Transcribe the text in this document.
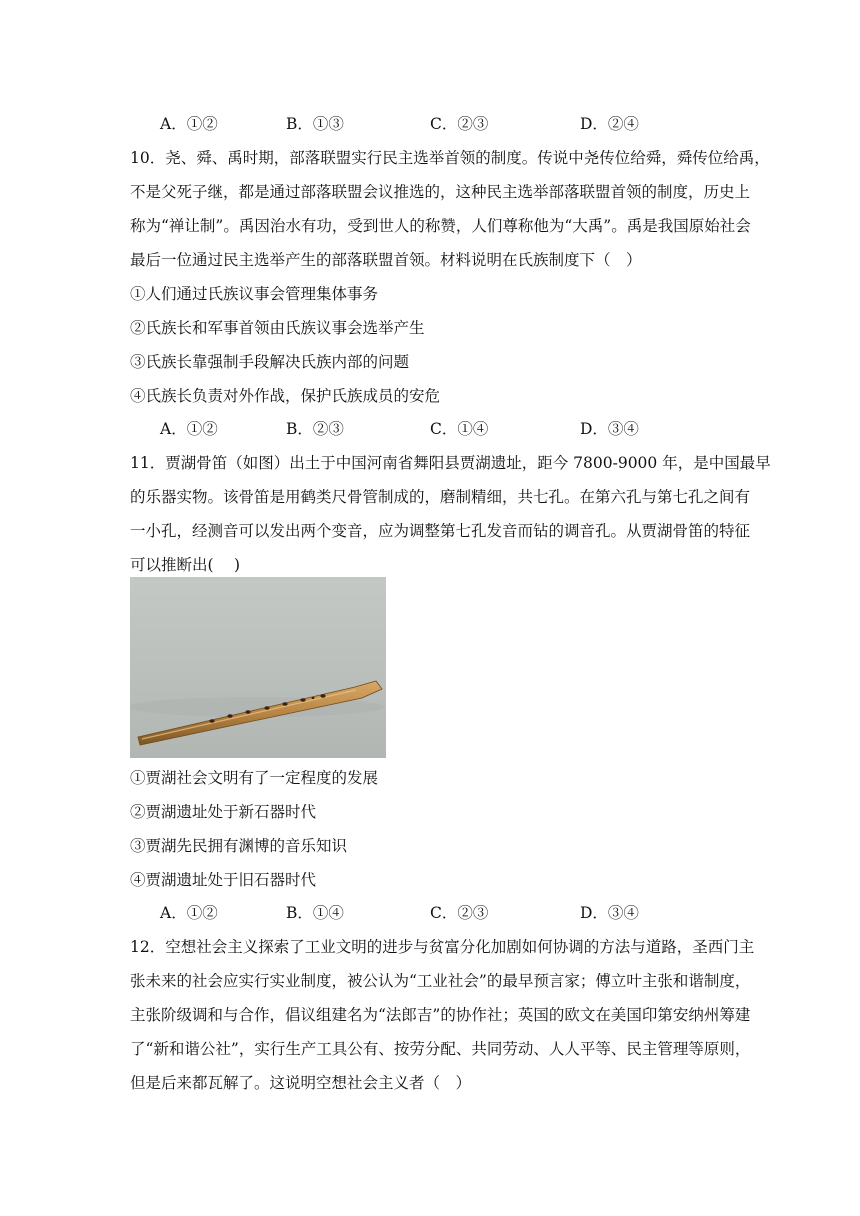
A．①②	B．①③	C．②③	D．②④
10．尧、舜、禹时期，部落联盟实行民主选举首领的制度。传说中尧传位给舜，舜传位给禹，
不是父死子继，都是通过部落联盟会议推选的，这种民主选举部落联盟首领的制度，历史上
称为“禅让制”。禹因治水有功，受到世人的称赞，人们尊称他为“大禹”。禹是我国原始社会
最后一位通过民主选举产生的部落联盟首领。材料说明在氏族制度下（　）
①人们通过氏族议事会管理集体事务
②氏族长和军事首领由氏族议事会选举产生
③氏族长靠强制手段解决氏族内部的问题
④氏族长负责对外作战，保护氏族成员的安危
A．①②	B．②③	C．①④	D．③④
11．贾湖骨笛（如图）出土于中国河南省舞阳县贾湖遗址，距今 7800-9000 年，是中国最早
的乐器实物。该骨笛是用鹤类尺骨管制成的，磨制精细，共七孔。在第六孔与第七孔之间有
一小孔，经测音可以发出两个变音，应为调整第七孔发音而钻的调音孔。从贾湖骨笛的特征
可以推断出(　 )
①贾湖社会文明有了一定程度的发展
②贾湖遗址处于新石器时代
③贾湖先民拥有渊博的音乐知识
④贾湖遗址处于旧石器时代
A．①②	B．①④	C．②③	D．③④
12．空想社会主义探索了工业文明的进步与贫富分化加剧如何协调的方法与道路，圣西门主
张未来的社会应实行实业制度，被公认为“工业社会”的最早预言家；傅立叶主张和谐制度，
主张阶级调和与合作，倡议组建名为“法郎吉”的协作社；英国的欧文在美国印第安纳州筹建
了“新和谐公社”，实行生产工具公有、按劳分配、共同劳动、人人平等、民主管理等原则，
但是后来都瓦解了。这说明空想社会主义者（　）
